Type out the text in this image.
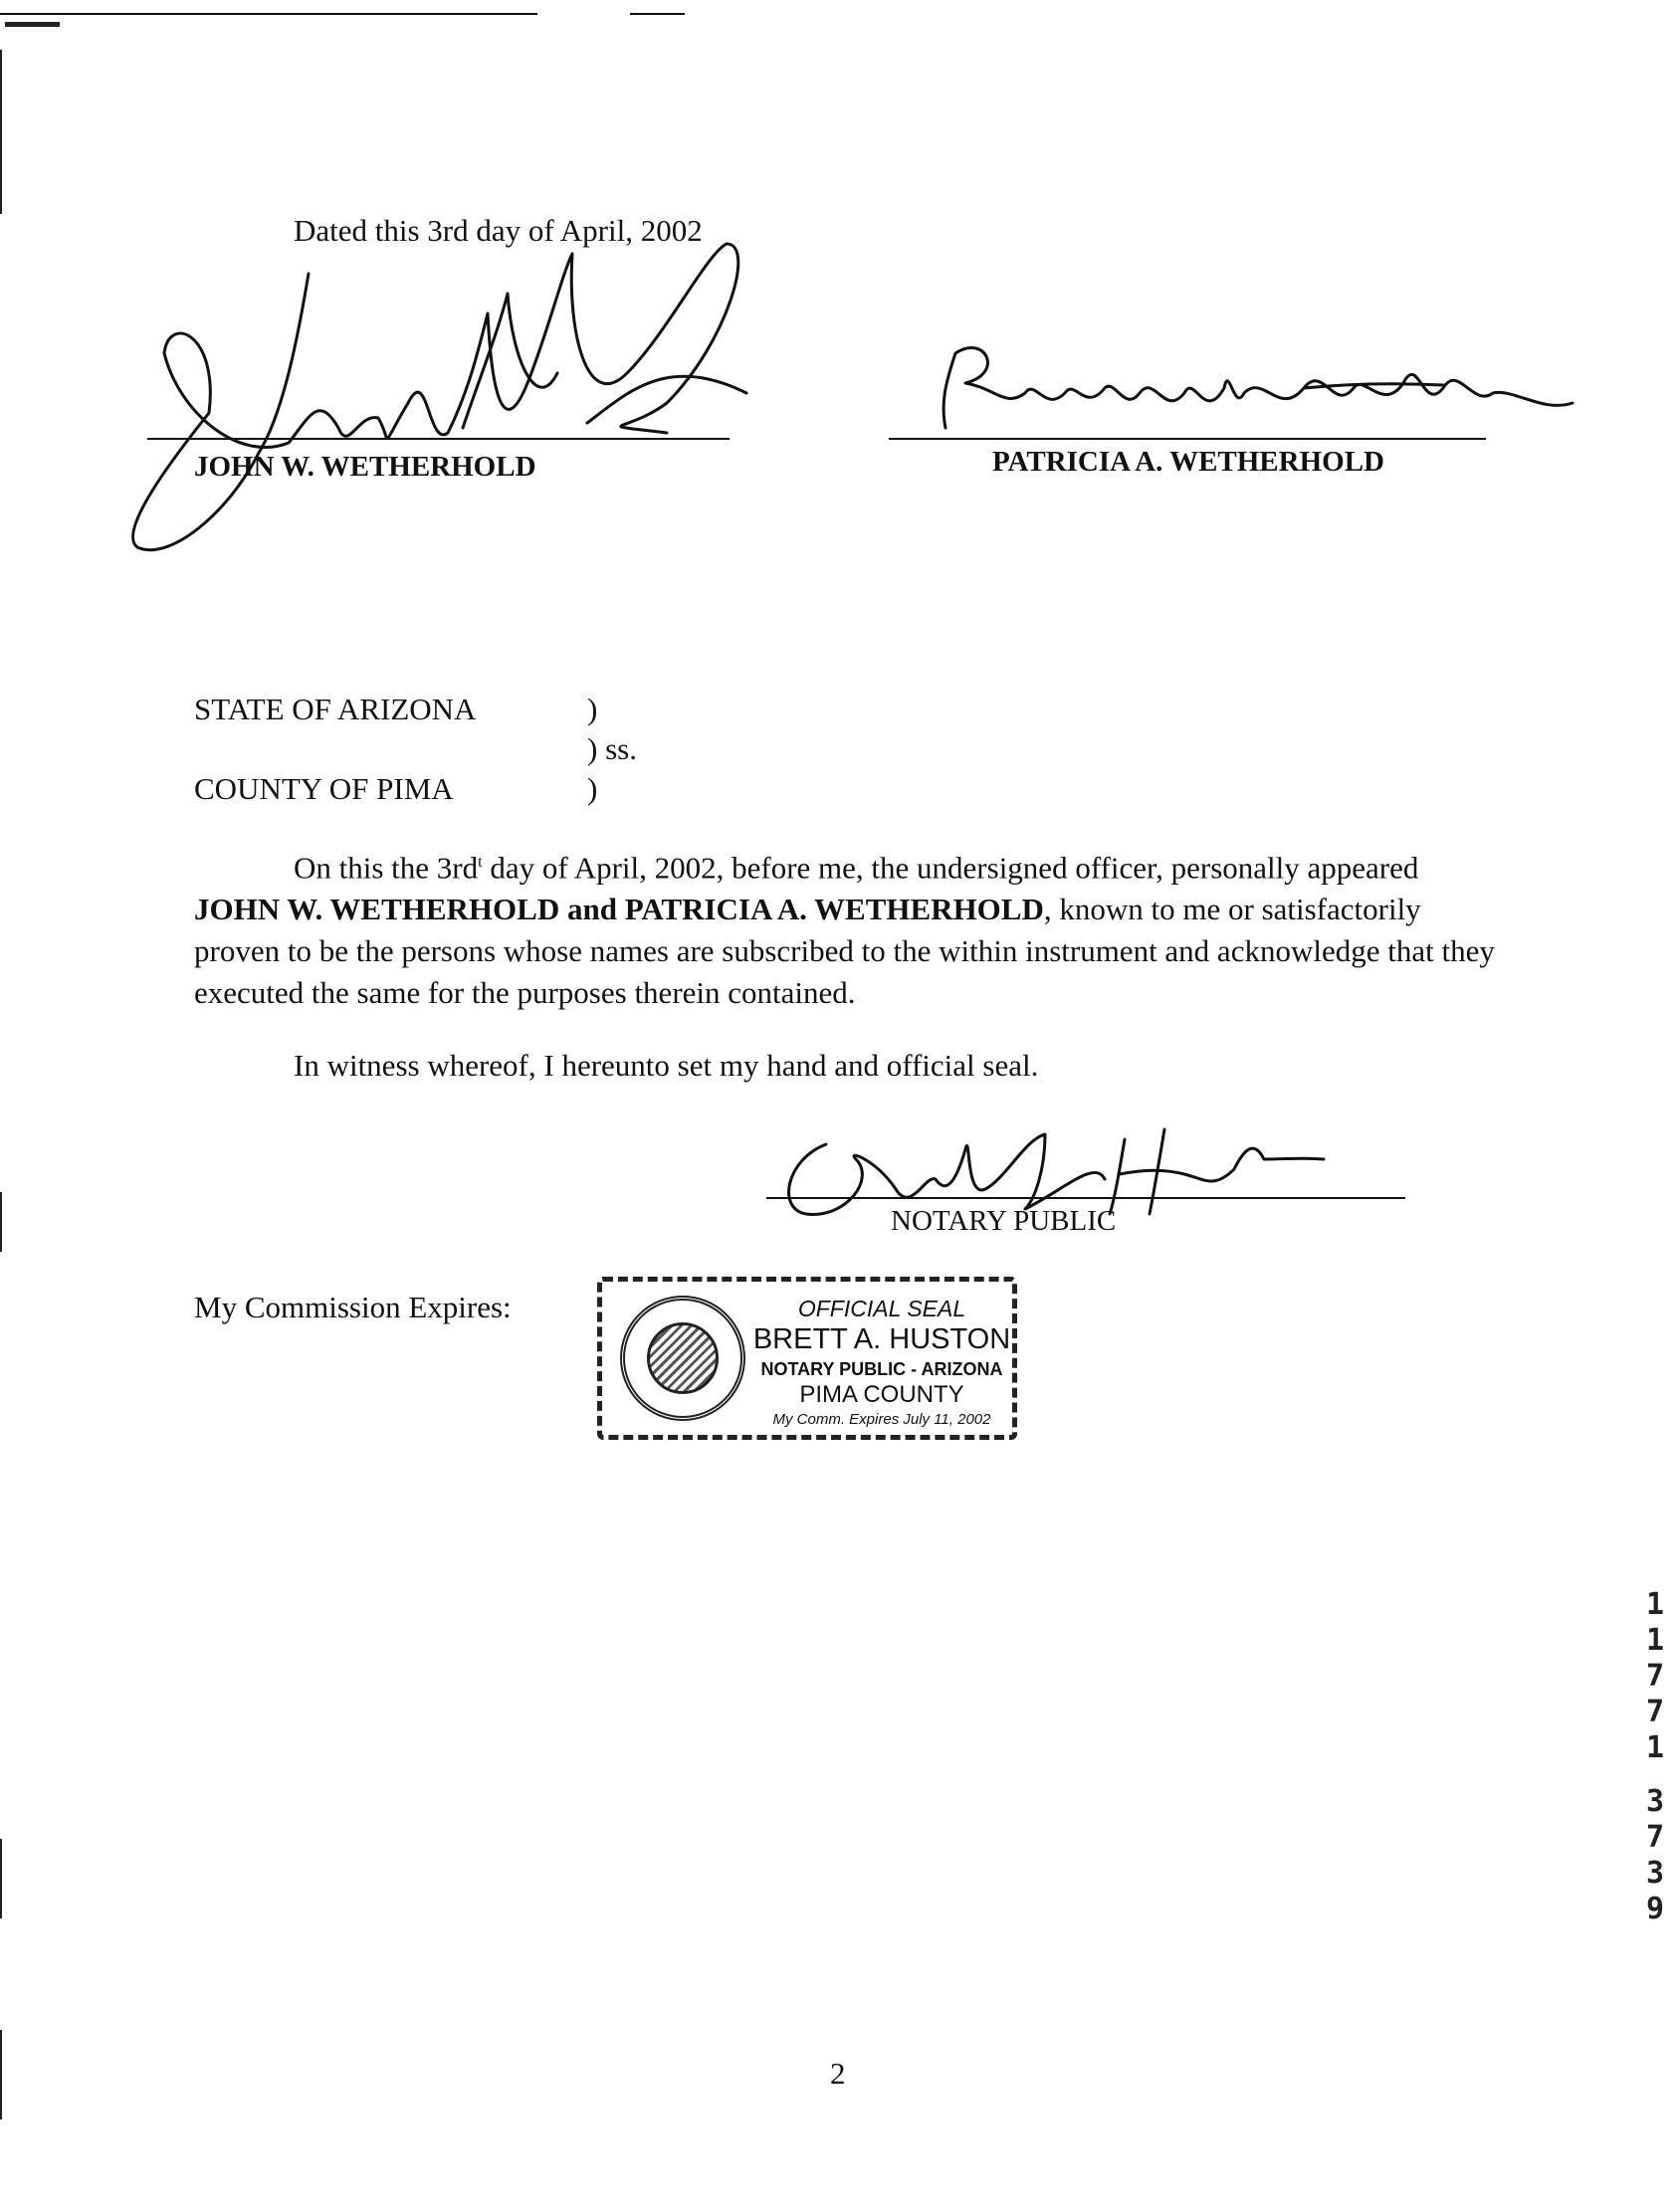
Dated this 3rd day of April, 2002
JOHN W. WETHERHOLD	PATRICIA A. WETHERHOLD
STATE OF ARIZONA	)
) ss.
COUNTY OF PIMA	)
On this the $3rd^t$ day of April, 2002, before me, the undersigned officer, personally appeared JOHN W. WETHERHOLD and PATRICIA A. WETHERHOLD, known to me or satisfactorily proven to be the persons whose names are subscribed to the within instrument and acknowledge that they executed the same for the purposes therein contained.
In witness whereof, I hereunto set my hand and official seal.
NOTARY PUBLIC
My Commission Expires:	OFFICIAL SEAL
BRETT A. HUSTON
NOTARY PUBLIC - ARIZONA
PIMA COUNTY
My Comm. Expires July 11, 2002
1
1
7
7
1
3
7
3
9
2
